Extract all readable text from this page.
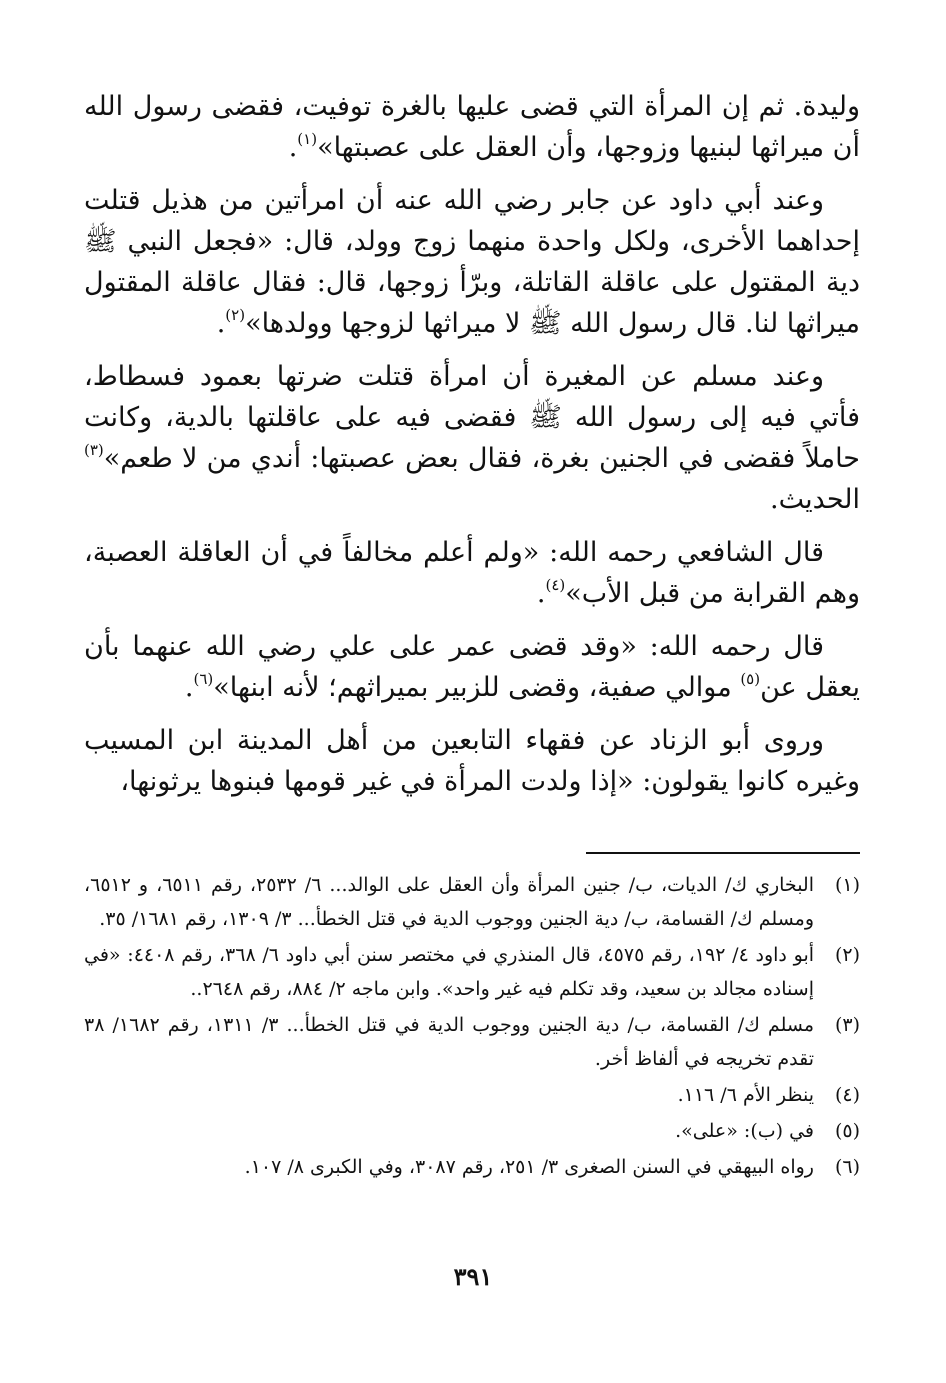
وليدة. ثم إن المرأة التي قضى عليها بالغرة توفيت، فقضى رسول الله أن ميراثها لبنيها وزوجها، وأن العقل على عصبتها»$^{(١)}$.

وعند أبي داود عن جابر رضي الله عنه أن امرأتين من هذيل قتلت إحداهما الأخرى، ولكل واحدة منهما زوج وولد، قال: «فجعل النبي ﷺ دية المقتول على عاقلة القاتلة، وبرّأ زوجها، قال: فقال عاقلة المقتول ميراثها لنا. قال رسول الله ﷺ لا ميراثها لزوجها وولدها»$^{(٢)}$.

وعند مسلم عن المغيرة أن امرأة قتلت ضرتها بعمود فسطاط، فأتي فيه إلى رسول الله ﷺ فقضى فيه على عاقلتها بالدية، وكانت حاملاً فقضى في الجنين بغرة، فقال بعض عصبتها: أندي من لا طعم»$^{(٣)}$ الحديث.

قال الشافعي رحمه الله: «ولم أعلم مخالفاً في أن العاقلة العصبة، وهم القرابة من قبل الأب»$^{(٤)}$.

قال رحمه الله: «وقد قضى عمر على علي رضي الله عنهما بأن يعقل عن$^{(٥)}$ موالي صفية، وقضى للزبير بميراثهم؛ لأنه ابنها»$^{(٦)}$.

وروى أبو الزناد عن فقهاء التابعين من أهل المدينة ابن المسيب وغيره كانوا يقولون: «إذا ولدت المرأة في غير قومها فبنوها يرثونها،

(١)
البخاري ك/ الديات، ب/ جنين المرأة وأن العقل على الوالد... ٦/ ٢٥٣٢، رقم ٦٥١١، و ٦٥١٢، ومسلم ك/ القسامة، ب/ دية الجنين ووجوب الدية في قتل الخطأ... ٣/ ١٣٠٩، رقم ١٦٨١/ ٣٥.
(٢)
أبو داود ٤/ ١٩٢، رقم ٤٥٧٥، قال المنذري في مختصر سنن أبي داود ٦/ ٣٦٨، رقم ٤٤٠٨: «في إسناده مجالد بن سعيد، وقد تكلم فيه غير واحد». وابن ماجه ٢/ ٨٨٤، رقم ٢٦٤٨..
(٣)
مسلم ك/ القسامة، ب/ دية الجنين ووجوب الدية في قتل الخطأ... ٣/ ١٣١١، رقم ١٦٨٢/ ٣٨ تقدم تخريجه في ألفاظ أخر.
(٤)
ينظر الأم ٦/ ١١٦.
(٥)
في (ب): «على».
(٦)
رواه البيهقي في السنن الصغرى ٣/ ٢٥١، رقم ٣٠٨٧، وفي الكبرى ٨/ ١٠٧.
٣٩١
